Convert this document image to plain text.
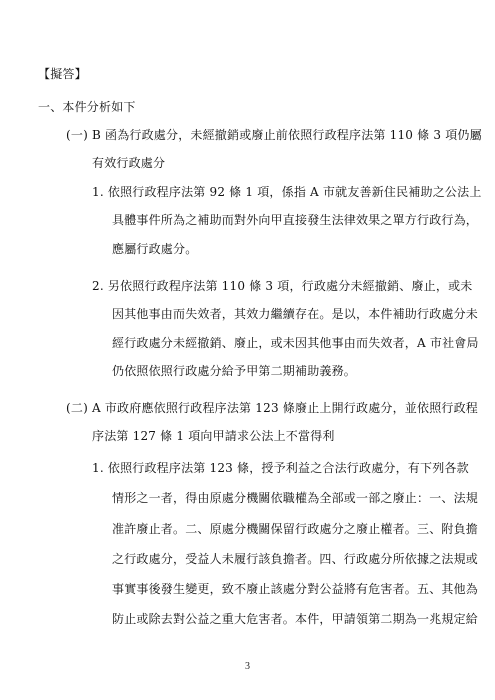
【擬答】
一、本件分析如下
(一) B 函為行政處分，未經撤銷或廢止前依照行政程序法第 110 條 3 項仍屬
有效行政處分
1. 依照行政程序法第 92 條 1 項，係指 A 市就友善新住民補助之公法上
具體事件所為之補助而對外向甲直接發生法律效果之單方行政行為，
應屬行政處分。
2. 另依照行政程序法第 110 條 3 項，行政處分未經撤銷、廢止，或未
因其他事由而失效者，其效力繼續存在。是以，本件補助行政處分未
經行政處分未經撤銷、廢止，或未因其他事由而失效者，A 市社會局
仍依照依照行政處分給予甲第二期補助義務。
(二) A 市政府應依照行政程序法第 123 條廢止上開行政處分，並依照行政程
序法第 127 條 1 項向甲請求公法上不當得利
1. 依照行政程序法第 123 條，授予利益之合法行政處分，有下列各款
情形之一者，得由原處分機關依職權為全部或一部之廢止：一、法規
准許廢止者。二、原處分機關保留行政處分之廢止權者。三、附負擔
之行政處分，受益人未履行該負擔者。四、行政處分所依據之法規或
事實事後發生變更，致不廢止該處分對公益將有危害者。五、其他為
防止或除去對公益之重大危害者。本件，甲請領第二期為一兆規定給
3
